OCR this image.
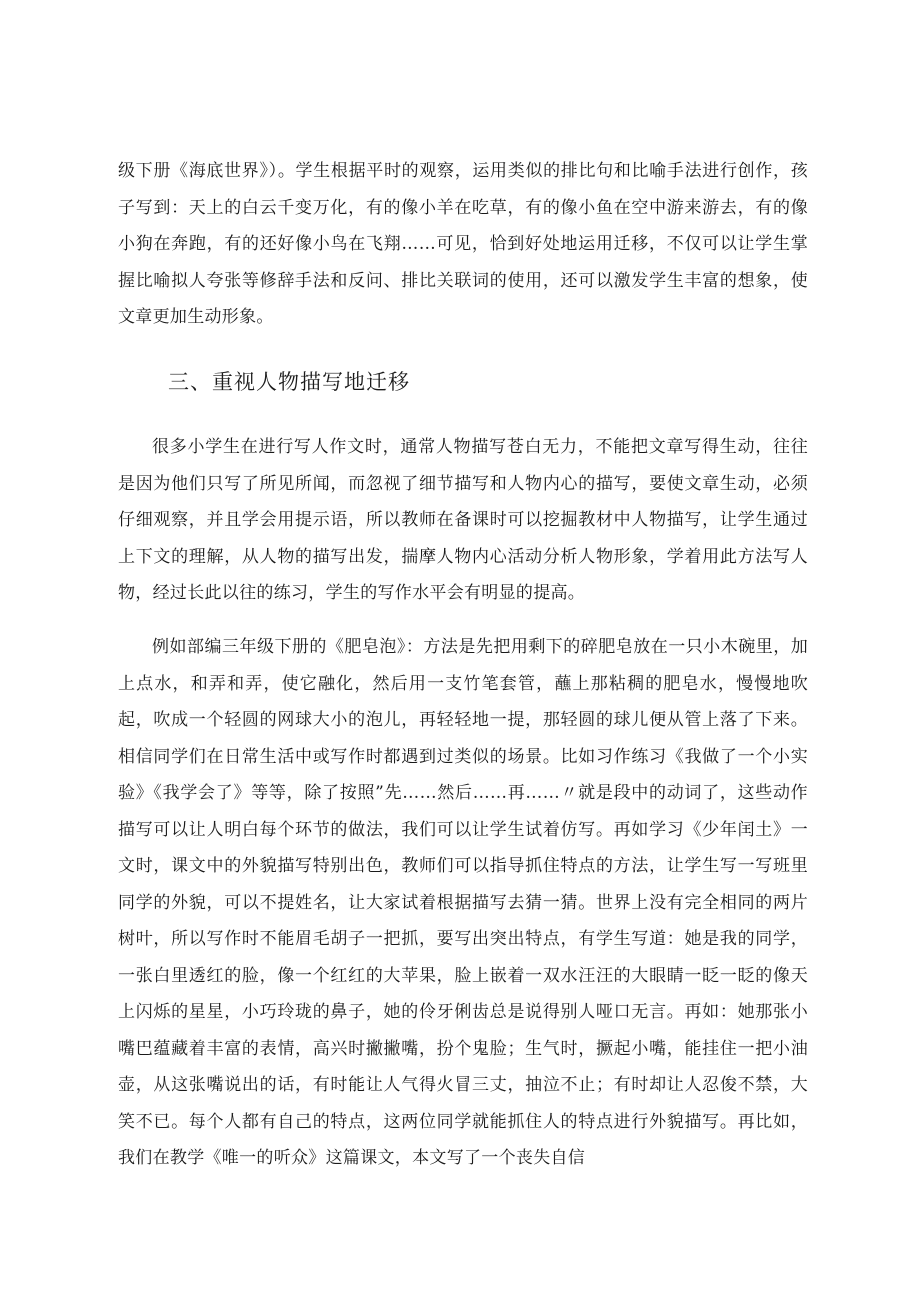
级下册《海底世界》）。学生根据平时的观察，运用类似的排比句和比喻手法进行创作，孩子写到：天上的白云千变万化，有的像小羊在吃草，有的像小鱼在空中游来游去，有的像小狗在奔跑，有的还好像小鸟在飞翔……可见，恰到好处地运用迁移，不仅可以让学生掌握比喻拟人夸张等修辞手法和反问、排比关联词的使用，还可以激发学生丰富的想象，使文章更加生动形象。

三、重视人物描写地迁移

很多小学生在进行写人作文时，通常人物描写苍白无力，不能把文章写得生动，往往是因为他们只写了所见所闻，而忽视了细节描写和人物内心的描写，要使文章生动，必须仔细观察，并且学会用提示语，所以教师在备课时可以挖掘教材中人物描写，让学生通过上下文的理解，从人物的描写出发，揣摩人物内心活动分析人物形象，学着用此方法写人物，经过长此以往的练习，学生的写作水平会有明显的提高。

例如部编三年级下册的《肥皂泡》：方法是先把用剩下的碎肥皂放在一只小木碗里，加上点水，和弄和弄，使它融化，然后用一支竹笔套管，蘸上那粘稠的肥皂水，慢慢地吹起，吹成一个轻圆的网球大小的泡儿，再轻轻地一提，那轻圆的球儿便从管上落了下来。相信同学们在日常生活中或写作时都遇到过类似的场景。比如习作练习《我做了一个小实验》《我学会了》等等，除了按照”先……然后……再……〃就是段中的动词了，这些动作描写可以让人明白每个环节的做法，我们可以让学生试着仿写。再如学习《少年闰土》一文时，课文中的外貌描写特别出色，教师们可以指导抓住特点的方法，让学生写一写班里同学的外貌，可以不提姓名，让大家试着根据描写去猜一猜。世界上没有完全相同的两片树叶，所以写作时不能眉毛胡子一把抓，要写出突出特点，有学生写道：她是我的同学，一张白里透红的脸，像一个红红的大苹果，脸上嵌着一双水汪汪的大眼睛一眨一眨的像天上闪烁的星星，小巧玲珑的鼻子，她的伶牙俐齿总是说得别人哑口无言。再如：她那张小嘴巴蕴藏着丰富的表情，高兴时撇撇嘴，扮个鬼脸；生气时，撅起小嘴，能挂住一把小油壶，从这张嘴说出的话，有时能让人气得火冒三丈，抽泣不止；有时却让人忍俊不禁，大笑不已。每个人都有自己的特点，这两位同学就能抓住人的特点进行外貌描写。再比如，我们在教学《唯一的听众》这篇课文，本文写了一个丧失自信
